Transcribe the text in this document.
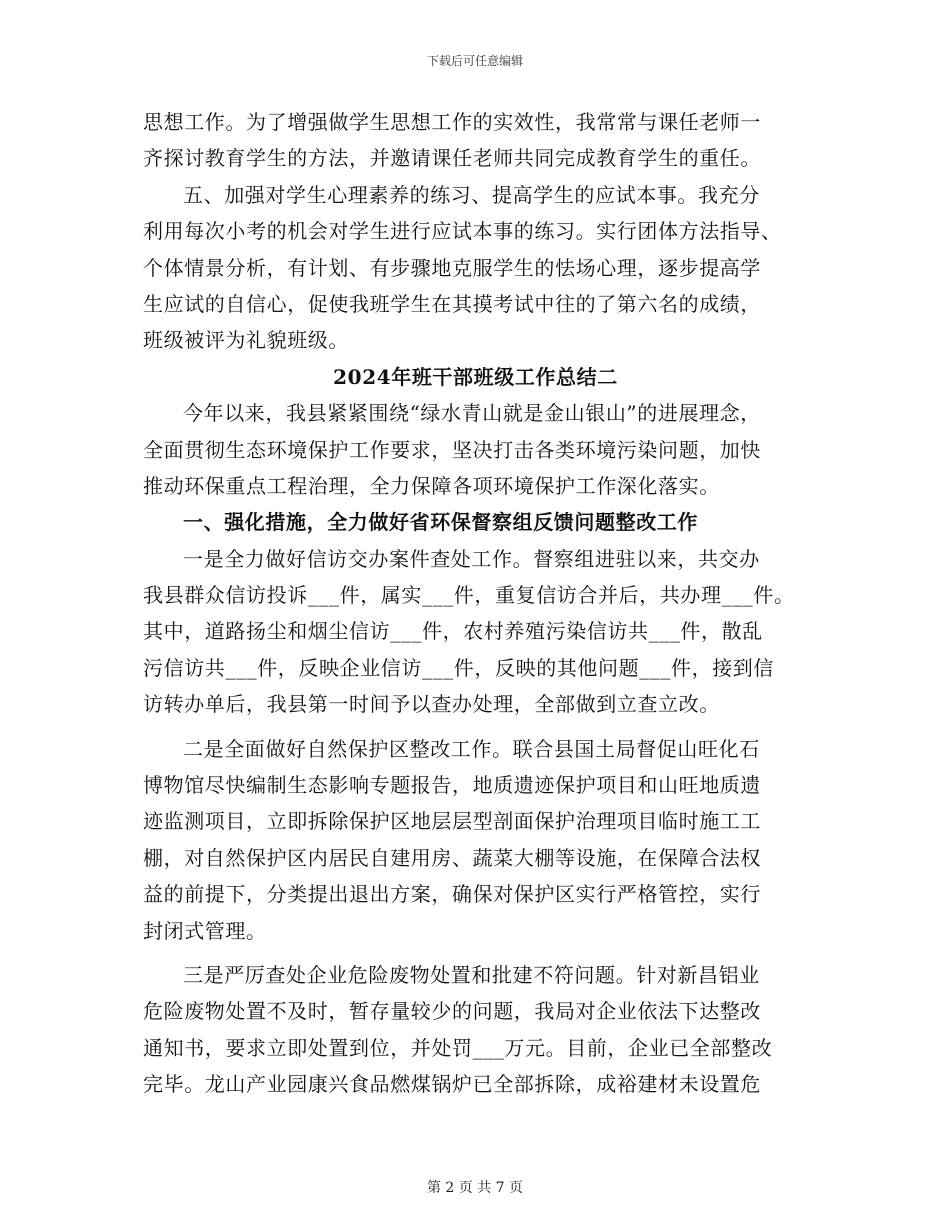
下载后可任意编辑
思想工作。为了增强做学生思想工作的实效性，我常常与课任老师一
齐探讨教育学生的方法，并邀请课任老师共同完成教育学生的重任。
五、加强对学生心理素养的练习、提高学生的应试本事。我充分
利用每次小考的机会对学生进行应试本事的练习。实行团体方法指导、
个体情景分析，有计划、有步骤地克服学生的怯场心理，逐步提高学
生应试的自信心，促使我班学生在其摸考试中往的了第六名的成绩，
班级被评为礼貌班级。
2024年班干部班级工作总结二
今年以来，我县紧紧围绕“绿水青山就是金山银山”的进展理念，
全面贯彻生态环境保护工作要求，坚决打击各类环境污染问题，加快
推动环保重点工程治理，全力保障各项环境保护工作深化落实。
一、强化措施，全力做好省环保督察组反馈问题整改工作
一是全力做好信访交办案件查处工作。督察组进驻以来，共交办
我县群众信访投诉___件，属实___件，重复信访合并后，共办理___件。
其中，道路扬尘和烟尘信访___件，农村养殖污染信访共___件，散乱
污信访共___件，反映企业信访___件，反映的其他问题___件，接到信
访转办单后，我县第一时间予以查办处理，全部做到立查立改。
二是全面做好自然保护区整改工作。联合县国土局督促山旺化石
博物馆尽快编制生态影响专题报告，地质遗迹保护项目和山旺地质遗
迹监测项目，立即拆除保护区地层层型剖面保护治理项目临时施工工
棚，对自然保护区内居民自建用房、蔬菜大棚等设施，在保障合法权
益的前提下，分类提出退出方案，确保对保护区实行严格管控，实行
封闭式管理。
三是严厉查处企业危险废物处置和批建不符问题。针对新昌铝业
危险废物处置不及时，暂存量较少的问题，我局对企业依法下达整改
通知书，要求立即处置到位，并处罚___万元。目前，企业已全部整改
完毕。龙山产业园康兴食品燃煤锅炉已全部拆除，成裕建材未设置危
第 2 页 共 7 页
